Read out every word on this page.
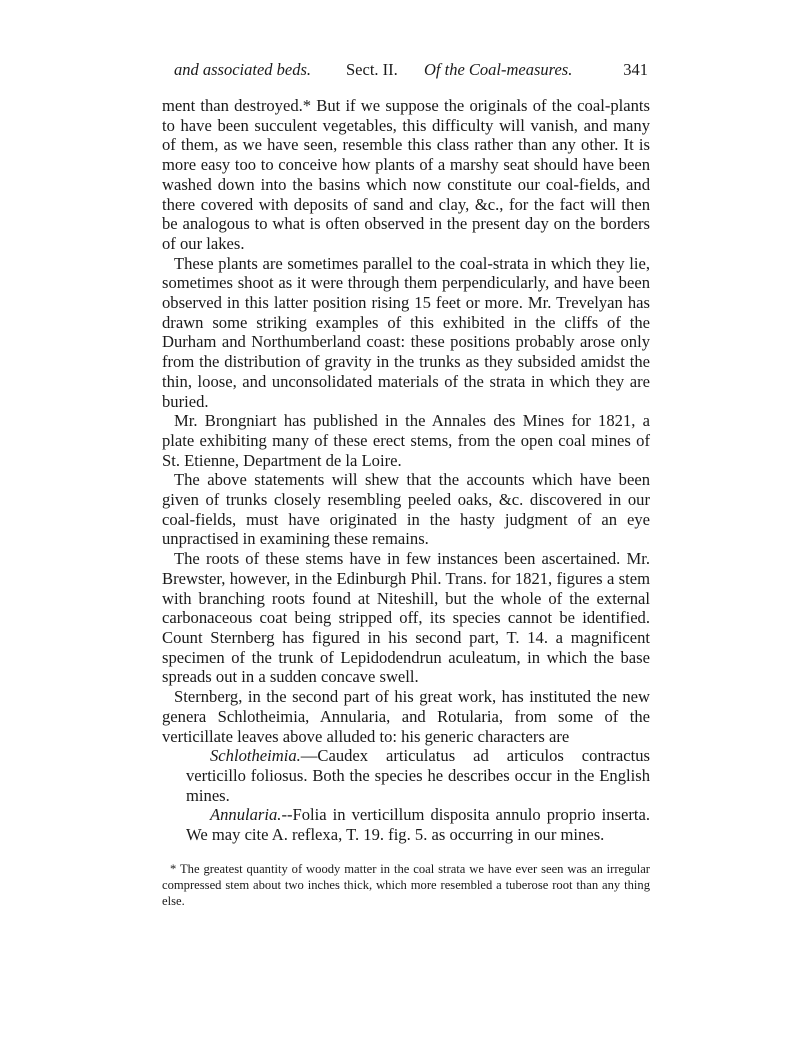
and associated beds. Sect. II. Of the Coal-measures.	341

ment than destroyed.* But if we suppose the originals of the coal-plants to have been succulent vegetables, this difficulty will vanish, and many of them, as we have seen, resemble this class rather than any other. It is more easy too to conceive how plants of a marshy seat should have been washed down into the basins which now constitute our coal-fields, and there covered with deposits of sand and clay, &c., for the fact will then be analogous to what is often observed in the present day on the borders of our lakes.

These plants are sometimes parallel to the coal-strata in which they lie, sometimes shoot as it were through them perpendicularly, and have been observed in this latter position rising 15 feet or more. Mr. Trevelyan has drawn some striking examples of this exhibited in the cliffs of the Durham and Northumberland coast: these positions probably arose only from the distribution of gravity in the trunks as they subsided amidst the thin, loose, and unconsolidated materials of the strata in which they are buried.

Mr. Brongniart has published in the Annales des Mines for 1821, a plate exhibiting many of these erect stems, from the open coal mines of St. Etienne, Department de la Loire.

The above statements will shew that the accounts which have been given of trunks closely resembling peeled oaks, &c. discovered in our coal-fields, must have originated in the hasty judgment of an eye unpractised in examining these remains.

The roots of these stems have in few instances been ascertained. Mr. Brewster, however, in the Edinburgh Phil. Trans. for 1821, figures a stem with branching roots found at Niteshill, but the whole of the external carbonaceous coat being stripped off, its species cannot be identified. Count Sternberg has figured in his second part, T. 14. a magnificent specimen of the trunk of Lepidodendrun aculeatum, in which the base spreads out in a sudden concave swell.

Sternberg, in the second part of his great work, has instituted the new genera Schlotheimia, Annularia, and Rotularia, from some of the verticillate leaves above alluded to: his generic characters are

Schlotheimia.—Caudex articulatus ad articulos contractus verticillo foliosus. Both the species he describes occur in the English mines.

Annularia.--Folia in verticillum disposita annulo proprio inserta. We may cite A. reflexa, T. 19. fig. 5. as occurring in our mines.

* The greatest quantity of woody matter in the coal strata we have ever seen was an irregular compressed stem about two inches thick, which more resembled a tuberose root than any thing else.
